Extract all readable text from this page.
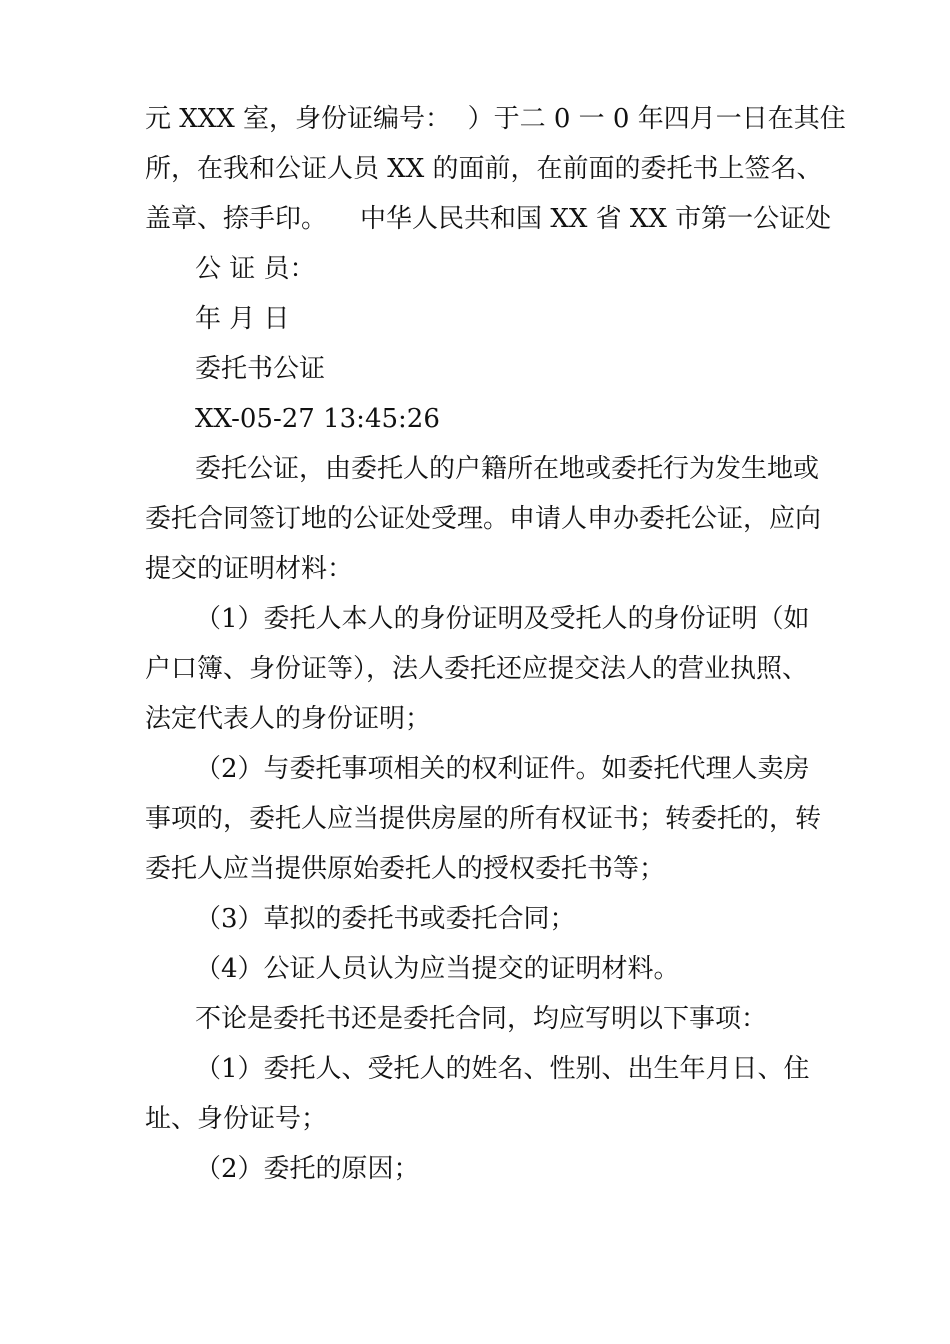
元 XXX 室，身份证编号：  ）于二 0 一 0 年四月一日在其住
所，在我和公证人员 XX 的面前，在前面的委托书上签名、
盖章、捺手印。    中华人民共和国 XX 省 XX 市第一公证处
公 证 员：
年 月 日
委托书公证
XX-05-27 13:45:26
委托公证，由委托人的户籍所在地或委托行为发生地或
委托合同签订地的公证处受理。申请人申办委托公证，应向
提交的证明材料：
（1）委托人本人的身份证明及受托人的身份证明（如
户口簿、身份证等），法人委托还应提交法人的营业执照、
法定代表人的身份证明；
（2）与委托事项相关的权利证件。如委托代理人卖房
事项的，委托人应当提供房屋的所有权证书；转委托的，转
委托人应当提供原始委托人的授权委托书等；
（3）草拟的委托书或委托合同；
（4）公证人员认为应当提交的证明材料。
不论是委托书还是委托合同，均应写明以下事项：
（1）委托人、受托人的姓名、性别、出生年月日、住
址、身份证号；
（2）委托的原因；
